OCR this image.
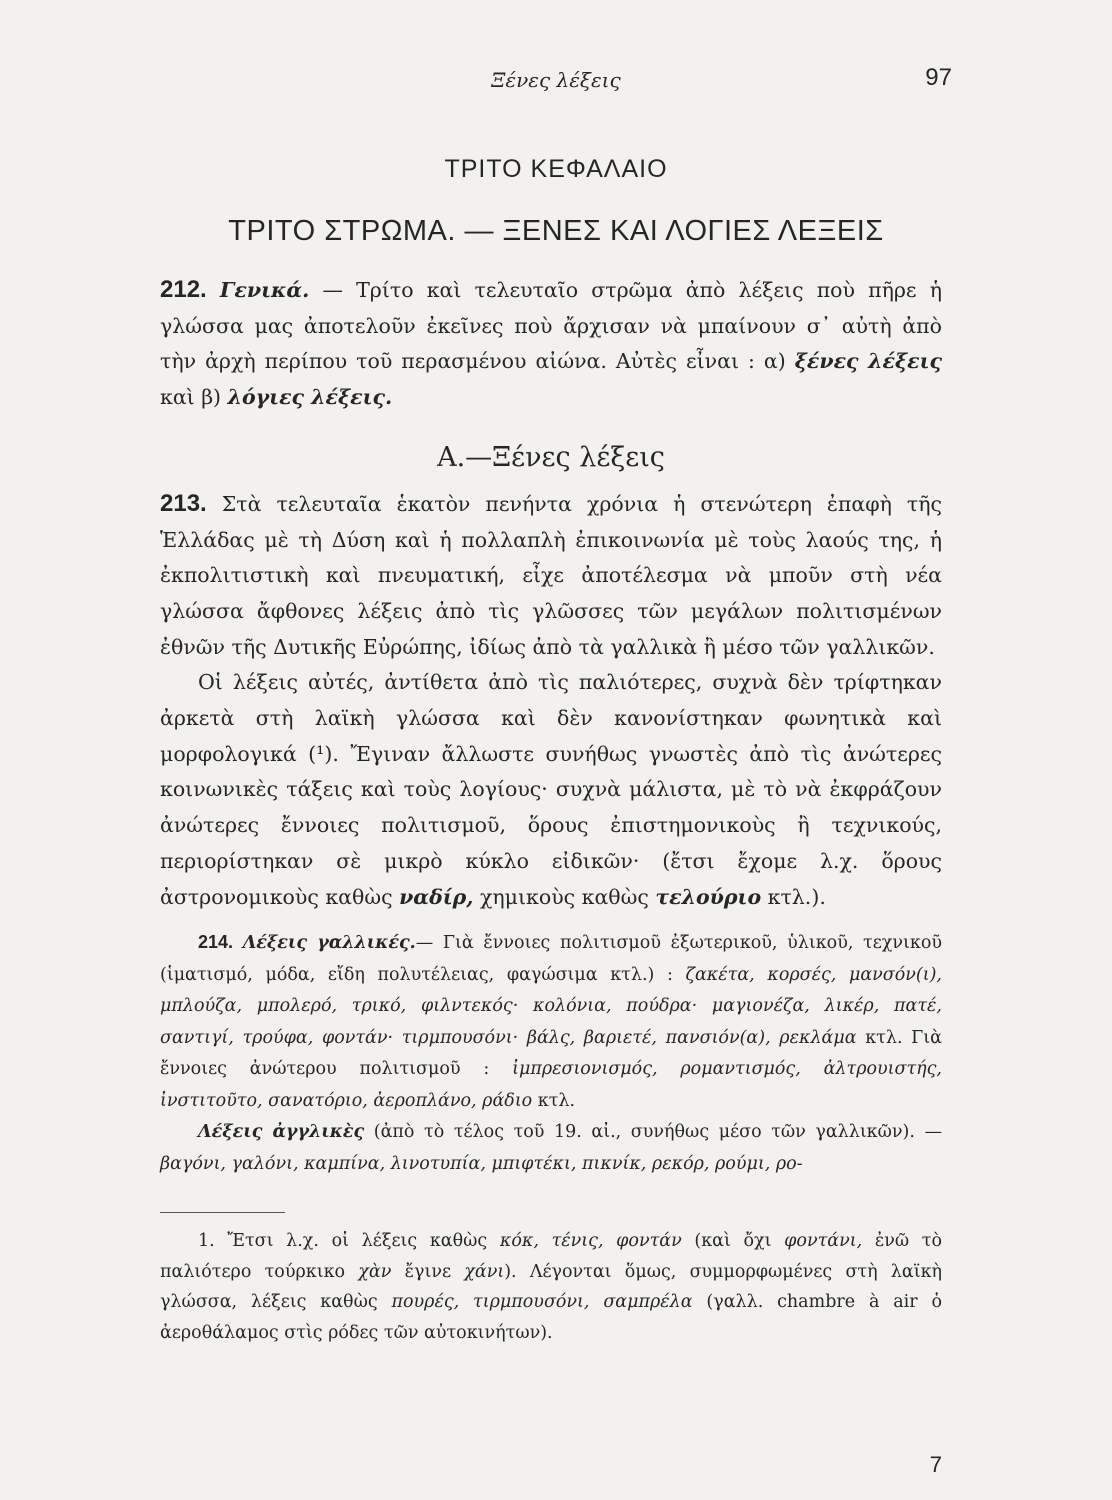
Ξένες λέξεις	97
ΤΡΙΤΟ ΚΕΦΑΛΑΙΟ
ΤΡΙΤΟ ΣΤΡΩΜΑ. — ΞΕΝΕΣ ΚΑΙ ΛΟΓΙΕΣ ΛΕΞΕΙΣ

212. Γενικά. — Τρίτο καὶ τελευταῖο στρῶμα ἀπὸ λέξεις ποὺ πῆρε ἡ γλώσσα μας ἀποτελοῦν ἐκεῖνες ποὺ ἄρχισαν νὰ μπαίνουν σ᾽ αὐτὴ ἀπὸ τὴν ἀρχὴ περίπου τοῦ περασμένου αἰώνα. Αὐτὲς εἶναι : α) ξένες λέξεις καὶ β) λόγιες λέξεις.

Α.—Ξένες λέξεις

213. Στὰ τελευταῖα ἑκατὸν πενήντα χρόνια ἡ στενώτερη ἐπαφὴ τῆς Ἑλλάδας μὲ τὴ Δύση καὶ ἡ πολλαπλὴ ἐπικοινωνία μὲ τοὺς λαούς της, ἡ ἐκπολιτιστικὴ καὶ πνευματική, εἶχε ἀποτέλεσμα νὰ μποῦν στὴ νέα γλώσσα ἄφθονες λέξεις ἀπὸ τὶς γλῶσσες τῶν μεγάλων πολιτισμένων ἐθνῶν τῆς Δυτικῆς Εὐρώπης, ἰδίως ἀπὸ τὰ γαλλικὰ ἢ μέσο τῶν γαλλικῶν.

Οἱ λέξεις αὐτές, ἀντίθετα ἀπὸ τὶς παλιότερες, συχνὰ δὲν τρίφτηκαν ἀρκετὰ στὴ λαϊκὴ γλώσσα καὶ δὲν κανονίστηκαν φωνητικὰ καὶ μορφολογικά (¹). Ἔγιναν ἄλλωστε συνήθως γνωστὲς ἀπὸ τὶς ἀνώτερες κοινωνικὲς τάξεις καὶ τοὺς λογίους· συχνὰ μάλιστα, μὲ τὸ νὰ ἐκφράζουν ἀνώτερες ἔννοιες πολιτισμοῦ, ὅρους ἐπιστημονικοὺς ἢ τεχνικούς, περιορίστηκαν σὲ μικρὸ κύκλο εἰδικῶν· (ἔτσι ἔχομε λ.χ. ὅρους ἀστρονομικοὺς καθὼς ναδίρ, χημικοὺς καθὼς τελούριο κτλ.).

214. Λέξεις γαλλικές.— Γιὰ ἔννοιες πολιτισμοῦ ἐξωτερικοῦ, ὑλικοῦ, τεχνικοῦ (ἱματισμό, μόδα, εἴδη πολυτέλειας, φαγώσιμα κτλ.) : ζακέτα, κορσές, μανσόν(ι), μπλούζα, μπολερό, τρικό, φιλντεκός· κολόνια, πούδρα· μαγιονέζα, λικέρ, πατέ, σαντιγί, τρούφα, φοντάν· τιρμπουσόνι· βάλς, βαριετέ, πανσιόν(α), ρεκλάμα κτλ. Γιὰ ἔννοιες ἀνώτερου πολιτισμοῦ : ἰμπρεσιονισμός, ρομαντισμός, ἀλτρουιστής, ἰνστιτοῦτο, σανατόριο, ἀεροπλάνο, ράδιο κτλ.

Λέξεις ἀγγλικὲς (ἀπὸ τὸ τέλος τοῦ 19. αἰ., συνήθως μέσο τῶν γαλλικῶν). — βαγόνι, γαλόνι, καμπίνα, λινοτυπία, μπιφτέκι, πικνίκ, ρεκόρ, ρούμι, ρο-

1. Ἔτσι λ.χ. οἱ λέξεις καθὼς κόκ, τένις, φοντάν (καὶ ὄχι φοντάνι, ἐνῶ τὸ παλιότερο τούρκικο χὰν ἔγινε χάνι). Λέγονται ὅμως, συμμορφωμένες στὴ λαϊκὴ γλώσσα, λέξεις καθὼς πουρές, τιρμπουσόνι, σαμπρέλα (γαλλ. chambre à air ὁ ἀεροθάλαμος στὶς ρόδες τῶν αὐτοκινήτων).

7
